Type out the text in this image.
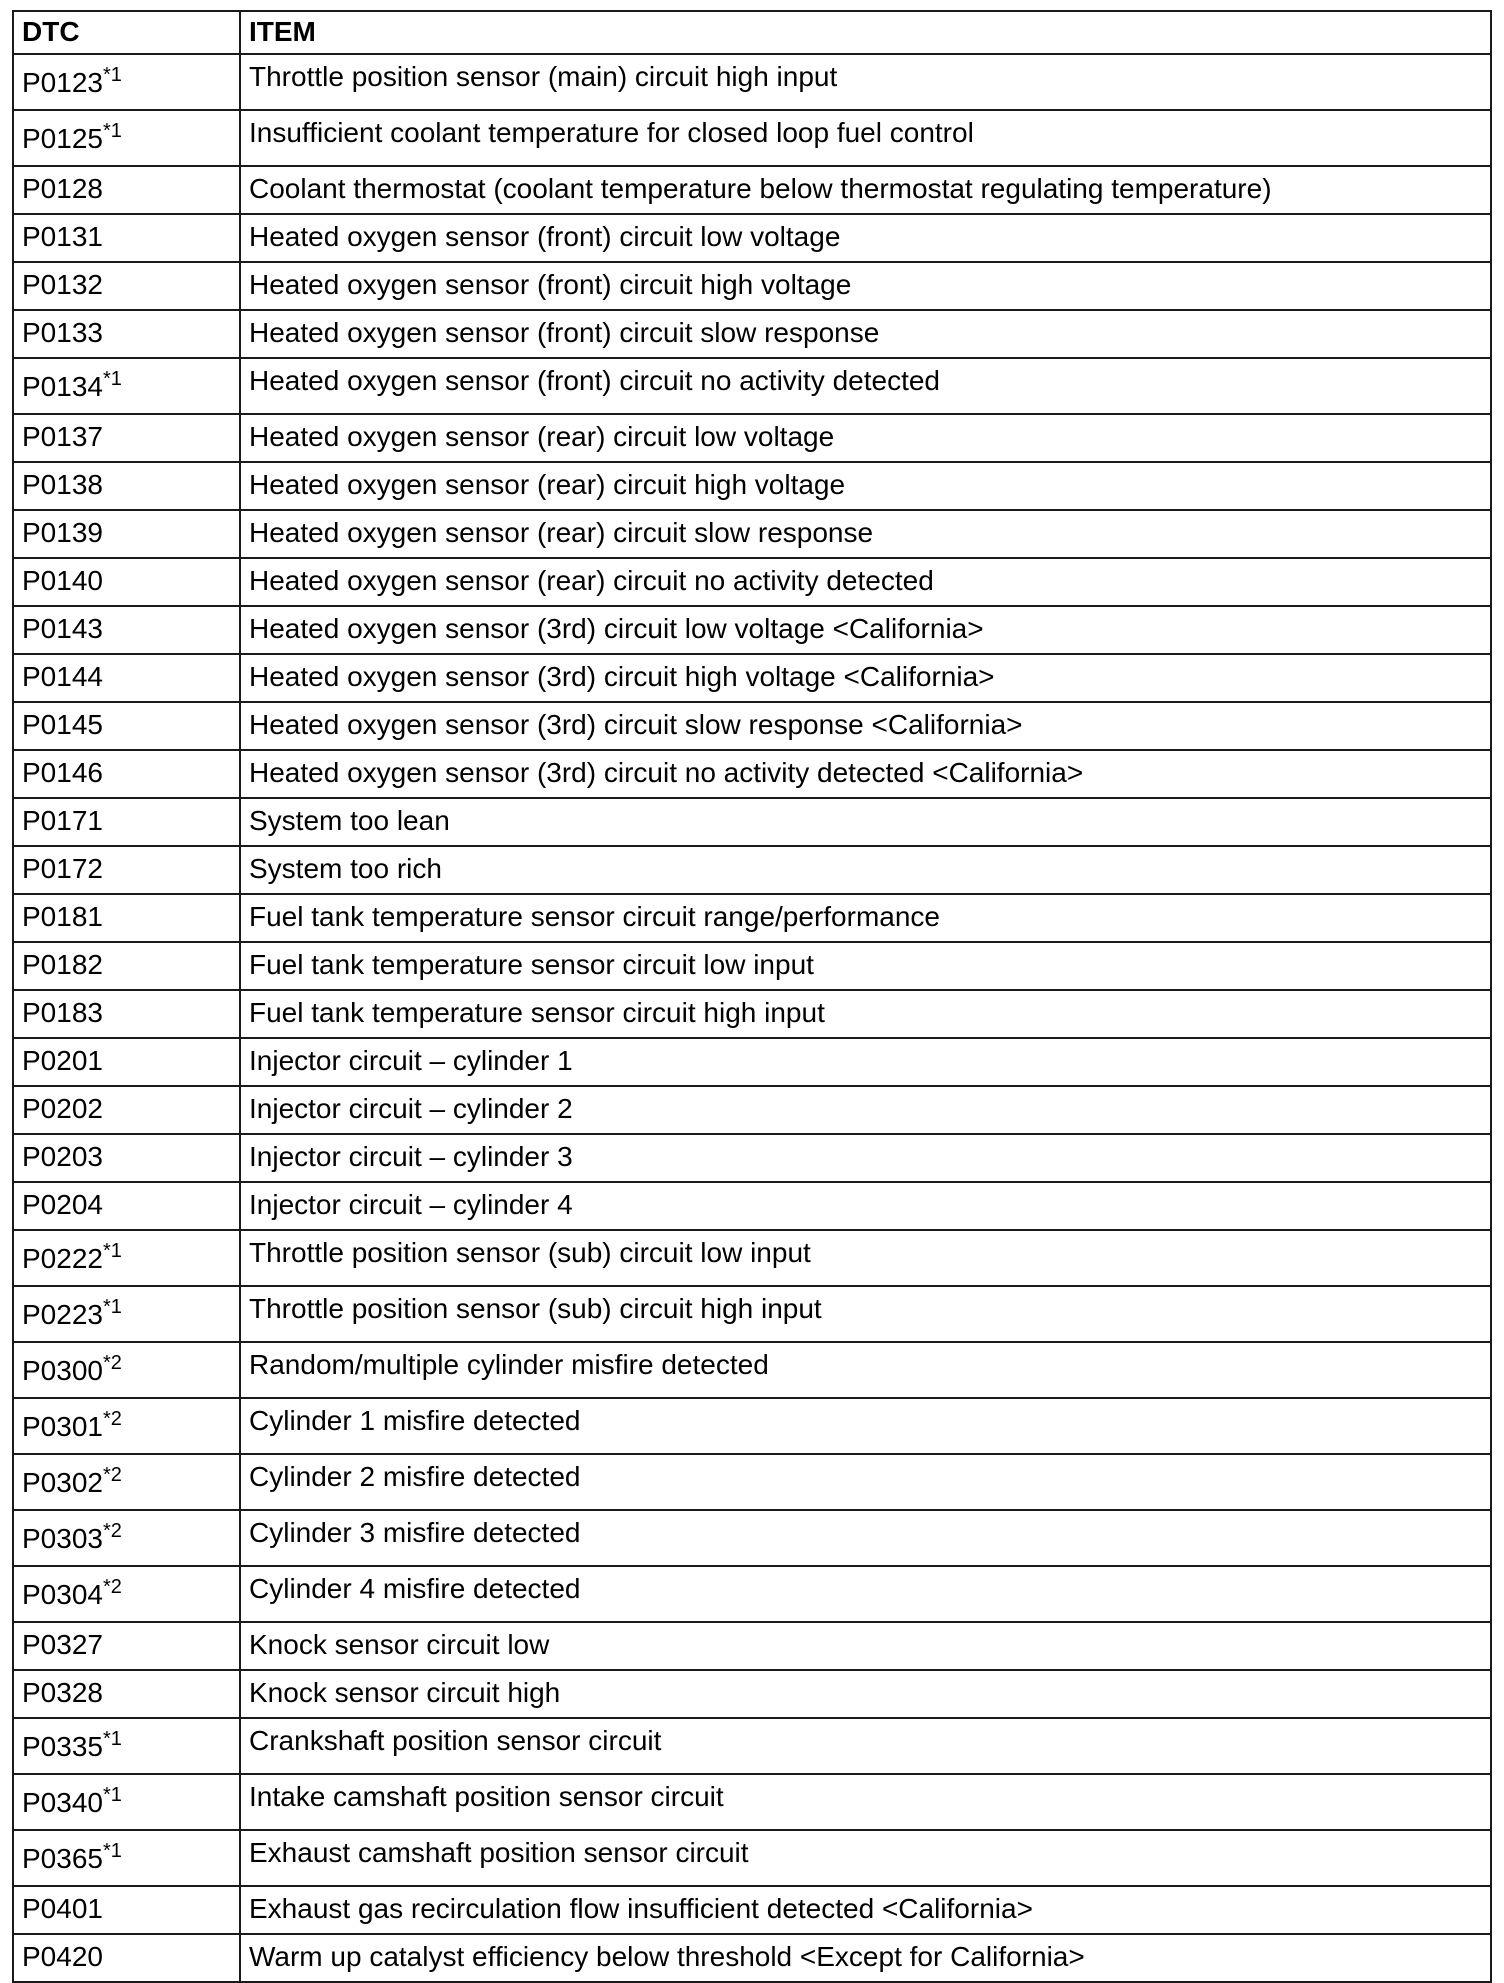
DTC	ITEM
P0123$^{*1}$	Throttle position sensor (main) circuit high input
P0125$^{*1}$	Insufficient coolant temperature for closed loop fuel control
P0128	Coolant thermostat (coolant temperature below thermostat regulating temperature)
P0131	Heated oxygen sensor (front) circuit low voltage
P0132	Heated oxygen sensor (front) circuit high voltage
P0133	Heated oxygen sensor (front) circuit slow response
P0134$^{*1}$	Heated oxygen sensor (front) circuit no activity detected
P0137	Heated oxygen sensor (rear) circuit low voltage
P0138	Heated oxygen sensor (rear) circuit high voltage
P0139	Heated oxygen sensor (rear) circuit slow response
P0140	Heated oxygen sensor (rear) circuit no activity detected
P0143	Heated oxygen sensor (3rd) circuit low voltage <California>
P0144	Heated oxygen sensor (3rd) circuit high voltage <California>
P0145	Heated oxygen sensor (3rd) circuit slow response <California>
P0146	Heated oxygen sensor (3rd) circuit no activity detected <California>
P0171	System too lean
P0172	System too rich
P0181	Fuel tank temperature sensor circuit range/performance
P0182	Fuel tank temperature sensor circuit low input
P0183	Fuel tank temperature sensor circuit high input
P0201	Injector circuit – cylinder 1
P0202	Injector circuit – cylinder 2
P0203	Injector circuit – cylinder 3
P0204	Injector circuit – cylinder 4
P0222$^{*1}$	Throttle position sensor (sub) circuit low input
P0223$^{*1}$	Throttle position sensor (sub) circuit high input
P0300$^{*2}$	Random/multiple cylinder misfire detected
P0301$^{*2}$	Cylinder 1 misfire detected
P0302$^{*2}$	Cylinder 2 misfire detected
P0303$^{*2}$	Cylinder 3 misfire detected
P0304$^{*2}$	Cylinder 4 misfire detected
P0327	Knock sensor circuit low
P0328	Knock sensor circuit high
P0335$^{*1}$	Crankshaft position sensor circuit
P0340$^{*1}$	Intake camshaft position sensor circuit
P0365$^{*1}$	Exhaust camshaft position sensor circuit
P0401	Exhaust gas recirculation flow insufficient detected <California>
P0420	Warm up catalyst efficiency below threshold <Except for California>
